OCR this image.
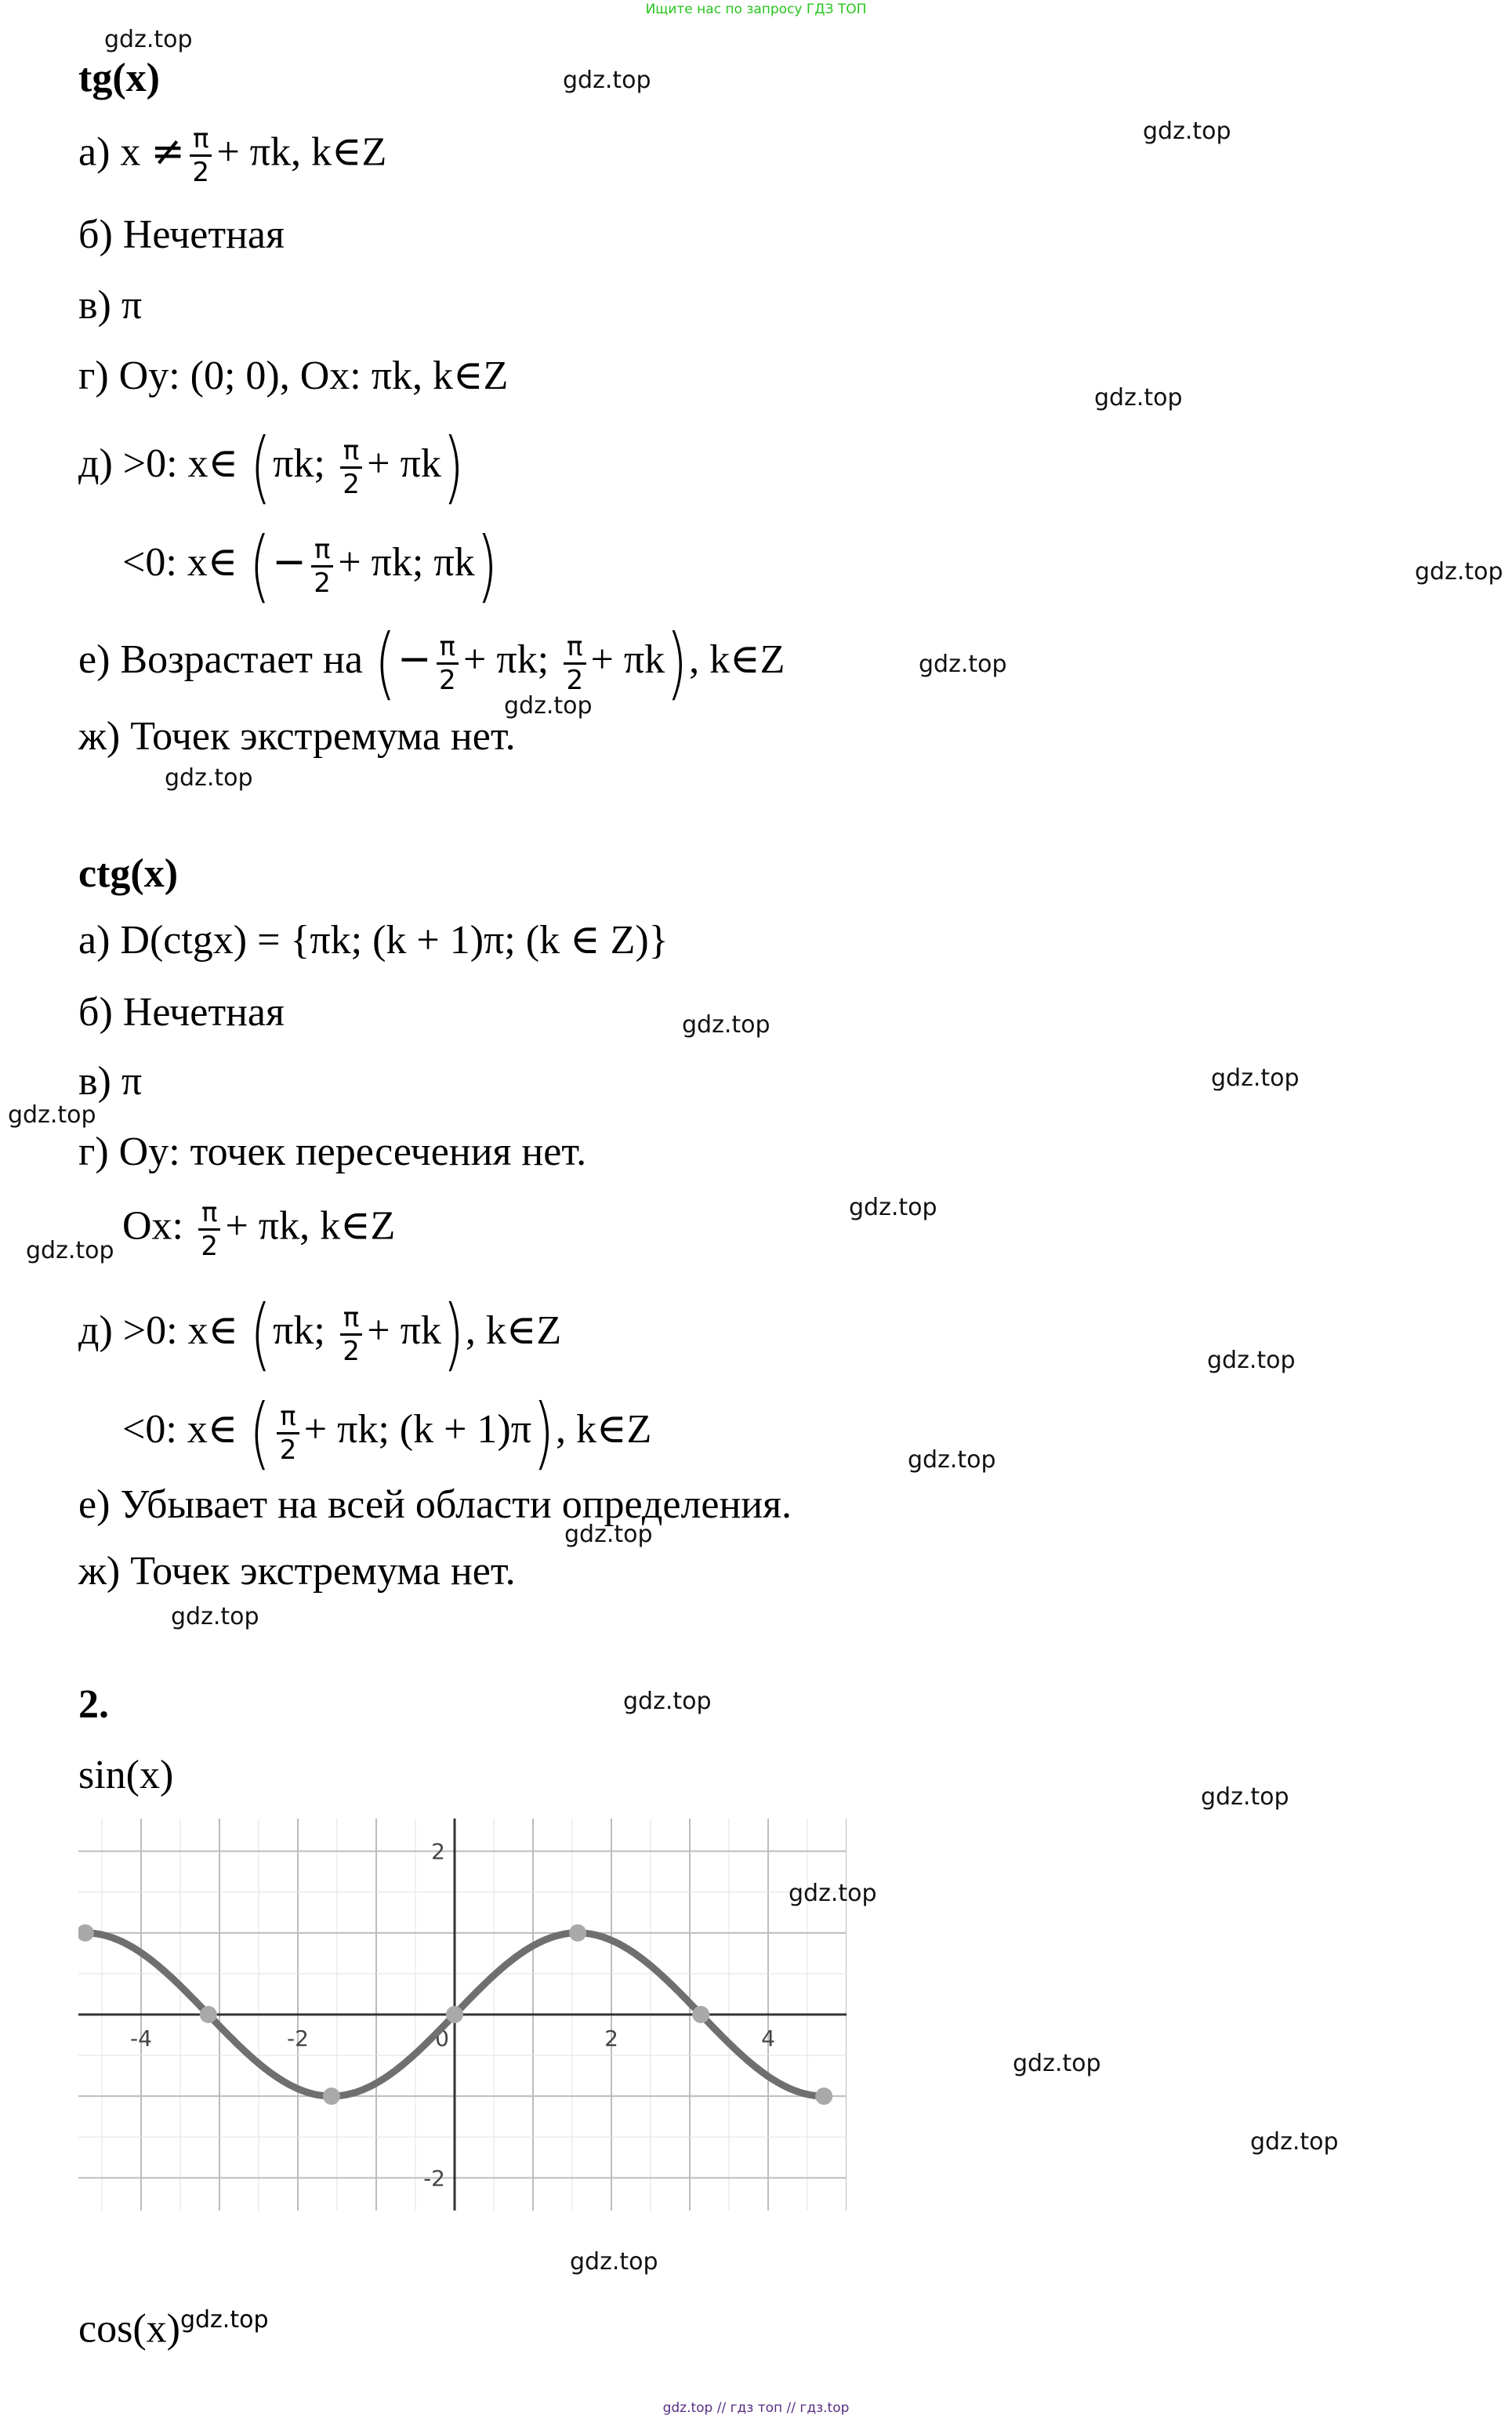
Ищите нас по запросу ГДЗ ТОП
tg(x)
а) $x \ne \frac{\pi}{2} + \pi k$, k∈Z
б) Нечетная
в) π
г) Oy: (0; 0), Ox: πk, k∈Z
д) >0: x∈ (πk; $\frac{\pi}{2} + \pi k$)
<0: x∈ (− $\frac{\pi}{2} + \pi k$; πk)
е) Возрастает на (− $\frac{\pi}{2} + \pi k$; $\frac{\pi}{2} + \pi k$), k∈Z
ж) Точек экстремума нет.
ctg(x)
а) D(ctgx) = {πk; (k + 1)π; (k ∈ Z)}
б) Нечетная
в) π
г) Oy: точек пересечения нет.
Ox: $\frac{\pi}{2} + \pi k$, k∈Z
д) >0: x∈ (πk; $\frac{\pi}{2} + \pi k$), k∈Z
<0: x∈ ( $\frac{\pi}{2} + \pi k$; (k + 1)π), k∈Z
е) Убывает на всей области определения.
ж) Точек экстремума нет.
2.
sin(x)
-4	-2	0	2	4
2
-2
$\cos(x)^{gdz.top}$
gdz.top
gdz.top
gdz.top
gdz.top
gdz.top
gdz.top
gdz.top
gdz.top
gdz.top
gdz.top
gdz.top
gdz.top
gdz.top
gdz.top
gdz.top
gdz.top
gdz.top
gdz.top
gdz.top
gdz.top
gdz.top
gdz.top
gdz.top
gdz.top // гдз топ // гдз.top
